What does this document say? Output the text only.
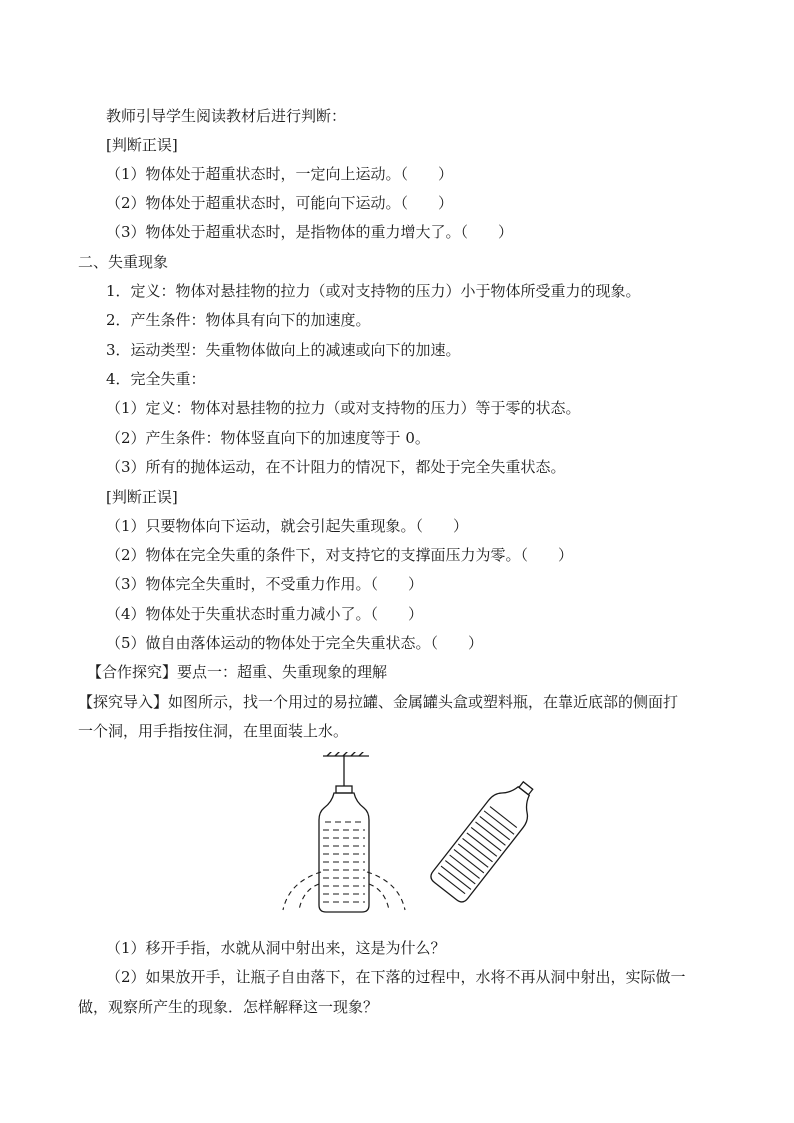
教师引导学生阅读教材后进行判断：
[判断正误]
（1）物体处于超重状态时，一定向上运动。（　　）
（2）物体处于超重状态时，可能向下运动。（　　）
（3）物体处于超重状态时，是指物体的重力增大了。（　　）
二、失重现象
1．定义：物体对悬挂物的拉力（或对支持物的压力）小于物体所受重力的现象。
2．产生条件：物体具有向下的加速度。
3．运动类型：失重物体做向上的减速或向下的加速。
4．完全失重：
（1）定义：物体对悬挂物的拉力（或对支持物的压力）等于零的状态。
（2）产生条件：物体竖直向下的加速度等于 0。
（3）所有的抛体运动，在不计阻力的情况下，都处于完全失重状态。
[判断正误]
（1）只要物体向下运动，就会引起失重现象。（　　）
（2）物体在完全失重的条件下，对支持它的支撑面压力为零。（　　）
（3）物体完全失重时，不受重力作用。（　　）
（4）物体处于失重状态时重力减小了。（　　）
（5）做自由落体运动的物体处于完全失重状态。（　　）
【合作探究】要点一：超重、失重现象的理解
【探究导入】如图所示，找一个用过的易拉罐、金属罐头盒或塑料瓶，在靠近底部的侧面打
一个洞，用手指按住洞，在里面装上水。
（1）移开手指，水就从洞中射出来，这是为什么？
（2）如果放开手，让瓶子自由落下，在下落的过程中，水将不再从洞中射出，实际做一
做，观察所产生的现象．怎样解释这一现象？
